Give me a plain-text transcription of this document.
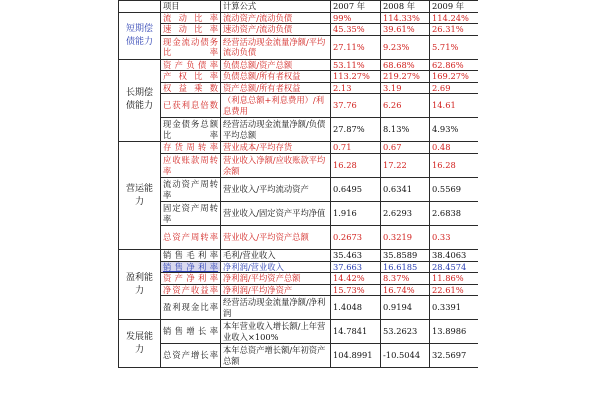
	项目	计算公式	2007 年	2008 年	2009 年
短期偿债能力	流动比率	流动资产/流动负债	99%	114.33%	114.24%
	速动比率	速动资产/流动负债	45.35%	39.61%	26.31%
	现金流动债务比率	经营活动现金流量净额/平均流动负债	27.11%	9.23%	5.71%
长期偿债能力	资产负债率	负债总额/资产总额	53.11%	68.68%	62.86%
	产权比率	负债总额/所有者权益	113.27%	219.27%	169.27%
	权益乘数	资产总额/所有者权益	2.13	3.19	2.69
	已获利息倍数	（利息总额+利息费用）/利息费用	37.76	6.26	14.61
	现金债务总额比率	经营活动现金流量净额/负债平均总额	27.87%	8.13%	4.93%
营运能力	存货周转率	营业成本/平均存货	0.71	0.67	0.48
	应收账款周转率	营业收入净额/应收账款平均余额	16.28	17.22	16.28
	流动资产周转率	营业收入/平均流动资产	0.6495	0.6341	0.5569
	固定资产周转率	营业收入/固定资产平均净值	1.916	2.6293	2.6838
	总资产周转率	营业收入/平均资产总额	0.2673	0.3219	0.33
盈利能力	销售毛利率	毛利/营业收入	35.463	35.8589	38.4063
	销售净利率	净利润/营业收入	37.663	16.6185	28.4574
	资产净利率	净利润/平均资产总额	14.42%	8.37%	11.86%
	净资产收益率	净利润/平均净资产	15.73%	16.74%	22.61%
	盈利现金比率	经营活动现金流量净额/净利润	1.4048	0.9194	0.3391
发展能力	销售增长率	本年营业收入增长额/上年营业收入×100%	14.7841	53.2623	13.8986
	总资产增长率	本年总资产增长额/年初资产总额	104.8991	-10.5044	32.5697
